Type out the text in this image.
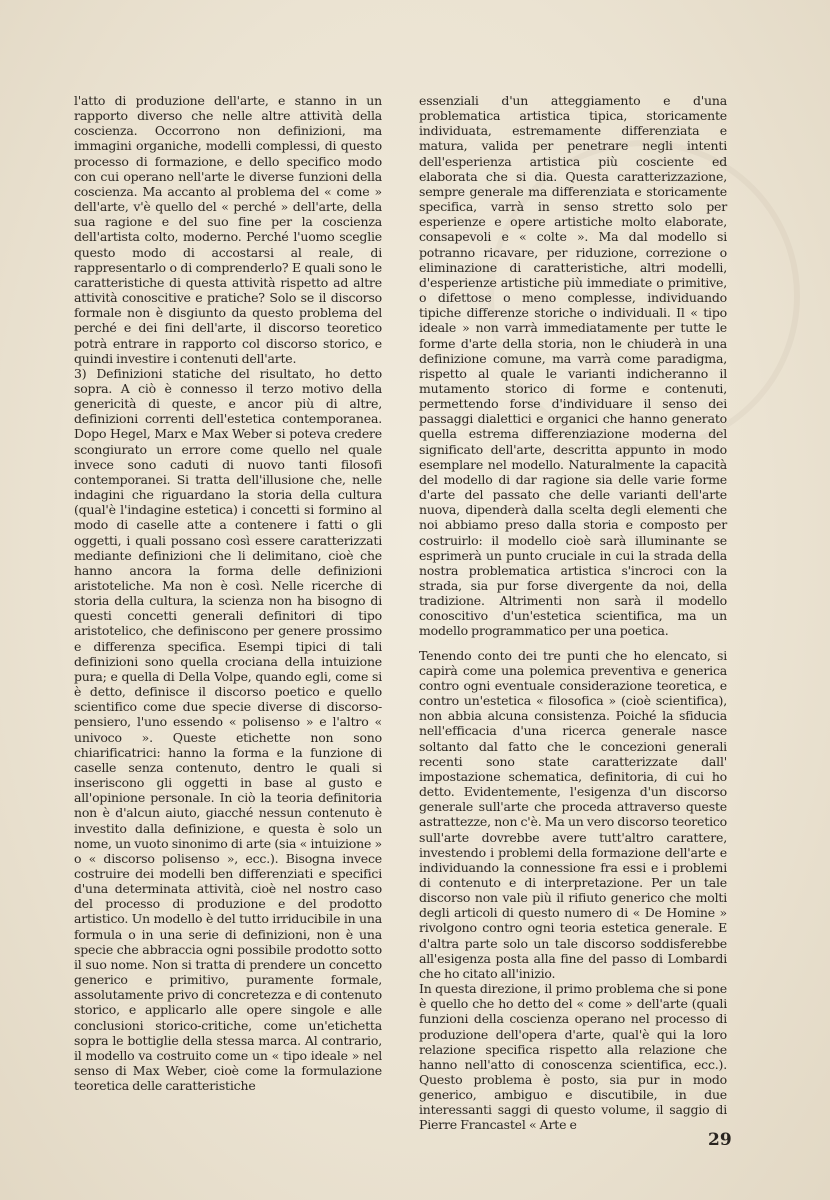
l'atto di produzione dell'arte, e stanno in un rapporto diverso che nelle altre attività della coscienza. Occorrono non definizioni, ma immagini organiche, modelli complessi, di questo processo di formazione, e dello specifico modo con cui operano nell'arte le diverse funzioni della coscienza. Ma accanto al problema del « come » dell'arte, v'è quello del « perché » dell'arte, della sua ragione e del suo fine per la coscienza dell'artista colto, moderno. Perché l'uomo sceglie questo modo di accostarsi al reale, di rappresentarlo o di comprenderlo? E quali sono le caratteristiche di questa attività rispetto ad altre attività conoscitive e pratiche? Solo se il discorso formale non è disgiunto da questo problema del perché e dei fini dell'arte, il discorso teoretico potrà entrare in rapporto col discorso storico, e quindi investire i contenuti dell'arte.

3) Definizioni statiche del risultato, ho detto sopra. A ciò è connesso il terzo motivo della genericità di queste, e ancor più di altre, definizioni correnti dell'estetica contemporanea. Dopo Hegel, Marx e Max Weber si poteva credere scongiurato un errore come quello nel quale invece sono caduti di nuovo tanti filosofi contemporanei. Si tratta dell'illusione che, nelle indagini che riguardano la storia della cultura (qual'è l'indagine estetica) i concetti si formino al modo di caselle atte a contenere i fatti o gli oggetti, i quali possano così essere caratterizzati mediante definizioni che li delimitano, cioè che hanno ancora la forma delle definizioni aristoteliche. Ma non è così. Nelle ricerche di storia della cultura, la scienza non ha bisogno di questi concetti generali definitori di tipo aristotelico, che definiscono per genere prossimo e differenza specifica. Esempi tipici di tali definizioni sono quella crociana della intuizione pura; e quella di Della Volpe, quando egli, come si è detto, definisce il discorso poetico e quello scientifico come due specie diverse di discorso-pensiero, l'uno essendo « polisenso » e l'altro « univoco ». Queste etichette non sono chiarificatrici: hanno la forma e la funzione di caselle senza contenuto, dentro le quali si inseriscono gli oggetti in base al gusto e all'opinione personale. In ciò la teoria definitoria non è d'alcun aiuto, giacché nessun contenuto è investito dalla definizione, e questa è solo un nome, un vuoto sinonimo di arte (sia « intuizione » o « discorso polisenso », ecc.). Bisogna invece costruire dei modelli ben differenziati e specifici d'una determinata attività, cioè nel nostro caso del processo di produzione e del prodotto artistico. Un modello è del tutto irriducibile in una formula o in una serie di definizioni, non è una specie che abbraccia ogni possibile prodotto sotto il suo nome. Non si tratta di prendere un concetto generico e primitivo, puramente formale, assolutamente privo di concretezza e di contenuto storico, e applicarlo alle opere singole e alle conclusioni storico-critiche, come un'etichetta sopra le bottiglie della stessa marca. Al contrario, il modello va costruito come un « tipo ideale » nel senso di Max Weber, cioè come la formulazione teoretica delle caratteristiche

essenziali d'un atteggiamento e d'una problematica artistica tipica, storicamente individuata, estremamente differenziata e matura, valida per penetrare negli intenti dell'esperienza artistica più cosciente ed elaborata che si dia. Questa caratterizzazione, sempre generale ma differenziata e storicamente specifica, varrà in senso stretto solo per esperienze e opere artistiche molto elaborate, consapevoli e « colte ». Ma dal modello si potranno ricavare, per riduzione, correzione o eliminazione di caratteristiche, altri modelli, d'esperienze artistiche più immediate o primitive, o difettose o meno complesse, individuando tipiche differenze storiche o individuali. Il « tipo ideale » non varrà immediatamente per tutte le forme d'arte della storia, non le chiuderà in una definizione comune, ma varrà come paradigma, rispetto al quale le varianti indicheranno il mutamento storico di forme e contenuti, permettendo forse d'individuare il senso dei passaggi dialettici e organici che hanno generato quella estrema differenziazione moderna del significato dell'arte, descritta appunto in modo esemplare nel modello. Naturalmente la capacità del modello di dar ragione sia delle varie forme d'arte del passato che delle varianti dell'arte nuova, dipenderà dalla scelta degli elementi che noi abbiamo preso dalla storia e composto per costruirlo: il modello cioè sarà illuminante se esprimerà un punto cruciale in cui la strada della nostra problematica artistica s'incroci con la strada, sia pur forse divergente da noi, della tradizione. Altrimenti non sarà il modello conoscitivo d'un'estetica scientifica, ma un modello programmatico per una poetica.

Tenendo conto dei tre punti che ho elencato, si capirà come una polemica preventiva e generica contro ogni eventuale considerazione teoretica, e contro un'estetica « filosofica » (cioè scientifica), non abbia alcuna consistenza. Poiché la sfiducia nell'efficacia d'una ricerca generale nasce soltanto dal fatto che le concezioni generali recenti sono state caratterizzate dall' impostazione schematica, definitoria, di cui ho detto. Evidentemente, l'esigenza d'un discorso generale sull'arte che proceda attraverso queste astrattezze, non c'è. Ma un vero discorso teoretico sull'arte dovrebbe avere tutt'altro carattere, investendo i problemi della formazione dell'arte e individuando la connessione fra essi e i problemi di contenuto e di interpretazione. Per un tale discorso non vale più il rifiuto generico che molti degli articoli di questo numero di « De Homine » rivolgono contro ogni teoria estetica generale. E d'altra parte solo un tale discorso soddisferebbe all'esigenza posta alla fine del passo di Lombardi che ho citato all'inizio.

In questa direzione, il primo problema che si pone è quello che ho detto del « come » dell'arte (quali funzioni della coscienza operano nel processo di produzione dell'opera d'arte, qual'è qui la loro relazione specifica rispetto alla relazione che hanno nell'atto di conoscenza scientifica, ecc.). Questo problema è posto, sia pur in modo generico, ambiguo e discutibile, in due interessanti saggi di questo volume, il saggio di Pierre Francastel « Arte e

29
